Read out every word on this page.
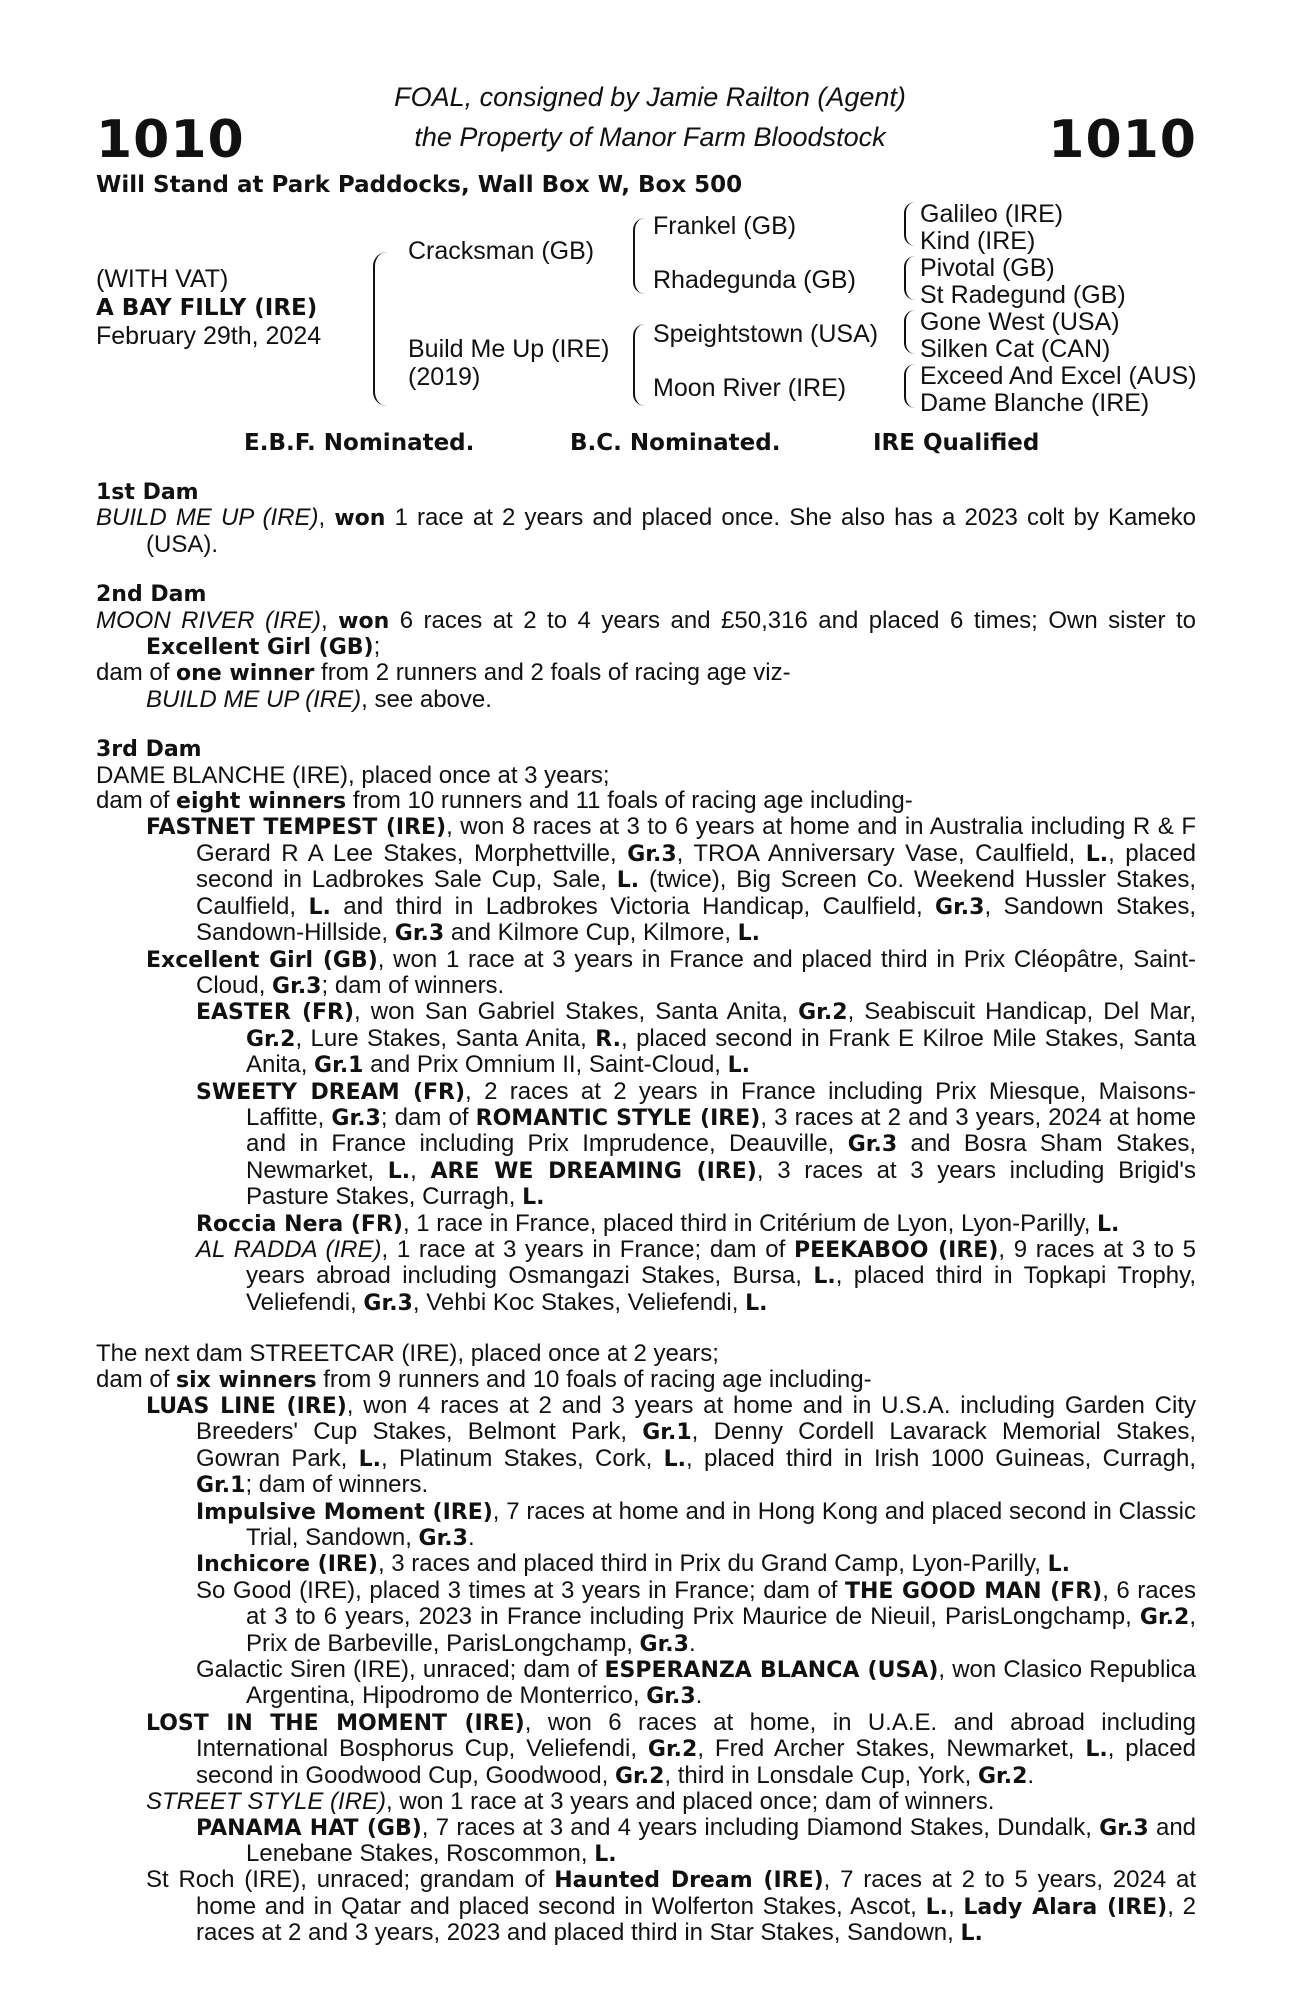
1010
FOAL, consigned by Jamie Railton (Agent)
the Property of Manor Farm Bloodstock	1010
Will Stand at Park Paddocks, Wall Box W, Box 500
(WITH VAT)
A BAY FILLY (IRE)
February 29th, 2024
Cracksman (GB)
Build Me Up (IRE)
(2019)
Frankel (GB)
Rhadegunda (GB)
Speightstown (USA)
Moon River (IRE)
Galileo (IRE)
Kind (IRE)
Pivotal (GB)
St Radegund (GB)
Gone West (USA)
Silken Cat (CAN)
Exceed And Excel (AUS)
Dame Blanche (IRE)
E.B.F. Nominated.	B.C. Nominated.	IRE Qualified
1st Dam

BUILD ME UP (IRE), won 1 race at 2 years and placed once. She also has a 2023 colt by Kameko (USA).

2nd Dam

MOON RIVER (IRE), won 6 races at 2 to 4 years and £50,316 and placed 6 times; Own sister to Excellent Girl (GB);

dam of one winner from 2 runners and 2 foals of racing age viz-

BUILD ME UP (IRE), see above.

3rd Dam

DAME BLANCHE (IRE), placed once at 3 years;

dam of eight winners from 10 runners and 11 foals of racing age including-

FASTNET TEMPEST (IRE), won 8 races at 3 to 6 years at home and in Australia including R & F Gerard R A Lee Stakes, Morphettville, Gr.3, TROA Anniversary Vase, Caulfield, L., placed second in Ladbrokes Sale Cup, Sale, L. (twice), Big Screen Co. Weekend Hussler Stakes, Caulfield, L. and third in Ladbrokes Victoria Handicap, Caulfield, Gr.3, Sandown Stakes, Sandown-Hillside, Gr.3 and Kilmore Cup, Kilmore, L.

Excellent Girl (GB), won 1 race at 3 years in France and placed third in Prix Cléopâtre, Saint-Cloud, Gr.3; dam of winners.

EASTER (FR), won San Gabriel Stakes, Santa Anita, Gr.2, Seabiscuit Handicap, Del Mar, Gr.2, Lure Stakes, Santa Anita, R., placed second in Frank E Kilroe Mile Stakes, Santa Anita, Gr.1 and Prix Omnium II, Saint-Cloud, L.

SWEETY DREAM (FR), 2 races at 2 years in France including Prix Miesque, Maisons-Laffitte, Gr.3; dam of ROMANTIC STYLE (IRE), 3 races at 2 and 3 years, 2024 at home and in France including Prix Imprudence, Deauville, Gr.3 and Bosra Sham Stakes, Newmarket, L., ARE WE DREAMING (IRE), 3 races at 3 years including Brigid's Pasture Stakes, Curragh, L.

Roccia Nera (FR), 1 race in France, placed third in Critérium de Lyon, Lyon-Parilly, L.

AL RADDA (IRE), 1 race at 3 years in France; dam of PEEKABOO (IRE), 9 races at 3 to 5 years abroad including Osmangazi Stakes, Bursa, L., placed third in Topkapi Trophy, Veliefendi, Gr.3, Vehbi Koc Stakes, Veliefendi, L.

The next dam STREETCAR (IRE), placed once at 2 years;

dam of six winners from 9 runners and 10 foals of racing age including-

LUAS LINE (IRE), won 4 races at 2 and 3 years at home and in U.S.A. including Garden City Breeders' Cup Stakes, Belmont Park, Gr.1, Denny Cordell Lavarack Memorial Stakes, Gowran Park, L., Platinum Stakes, Cork, L., placed third in Irish 1000 Guineas, Curragh, Gr.1; dam of winners.

Impulsive Moment (IRE), 7 races at home and in Hong Kong and placed second in Classic Trial, Sandown, Gr.3.

Inchicore (IRE), 3 races and placed third in Prix du Grand Camp, Lyon-Parilly, L.

So Good (IRE), placed 3 times at 3 years in France; dam of THE GOOD MAN (FR), 6 races at 3 to 6 years, 2023 in France including Prix Maurice de Nieuil, ParisLongchamp, Gr.2, Prix de Barbeville, ParisLongchamp, Gr.3.

Galactic Siren (IRE), unraced; dam of ESPERANZA BLANCA (USA), won Clasico Republica Argentina, Hipodromo de Monterrico, Gr.3.

LOST IN THE MOMENT (IRE), won 6 races at home, in U.A.E. and abroad including International Bosphorus Cup, Veliefendi, Gr.2, Fred Archer Stakes, Newmarket, L., placed second in Goodwood Cup, Goodwood, Gr.2, third in Lonsdale Cup, York, Gr.2.

STREET STYLE (IRE), won 1 race at 3 years and placed once; dam of winners.

PANAMA HAT (GB), 7 races at 3 and 4 years including Diamond Stakes, Dundalk, Gr.3 and Lenebane Stakes, Roscommon, L.

St Roch (IRE), unraced; grandam of Haunted Dream (IRE), 7 races at 2 to 5 years, 2024 at home and in Qatar and placed second in Wolferton Stakes, Ascot, L., Lady Alara (IRE), 2 races at 2 and 3 years, 2023 and placed third in Star Stakes, Sandown, L.
